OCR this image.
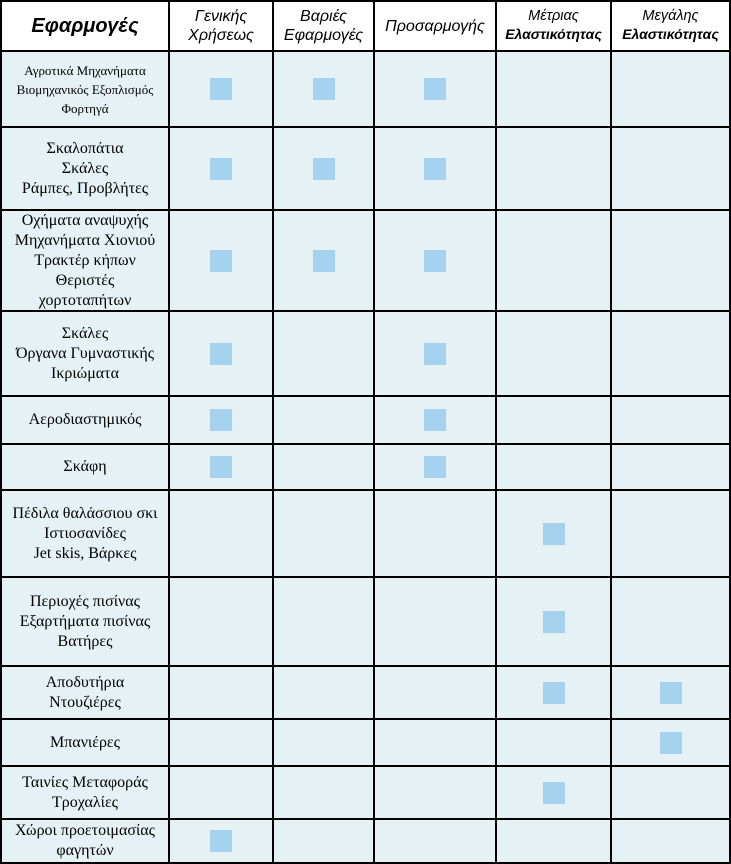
Εφαρμογές	Γενικής
Χρήσεως
Βαριές
Εφαρμογές
Προσαρμογής
Μέτριας
Ελαστικότητας
Μεγάλης
Ελαστικότητας
Αγροτικά Μηχανήματα
Βιομηχανικός Εξοπλισμός
Φορτηγά
Σκαλοπάτια
Σκάλες
Ράμπες, Προβλήτες
Οχήματα αναψυχής
Μηχανήματα Χιονιού
Τρακτέρ κήπων
Θεριστές
χορτοταπήτων
Σκάλες
Όργανα Γυμναστικής
Ικριώματα
Αεροδιαστημικός
Σκάφη
Πέδιλα θαλάσσιου σκι
Ιστιοσανίδες
Jet skis, Βάρκες
Περιοχές πισίνας
Εξαρτήματα πισίνας
Βατήρες
Αποδυτήρια
Ντουζιέρες
Μπανιέρες
Ταινίες Μεταφοράς
Τροχαλίες
Χώροι προετοιμασίας
φαγητών
